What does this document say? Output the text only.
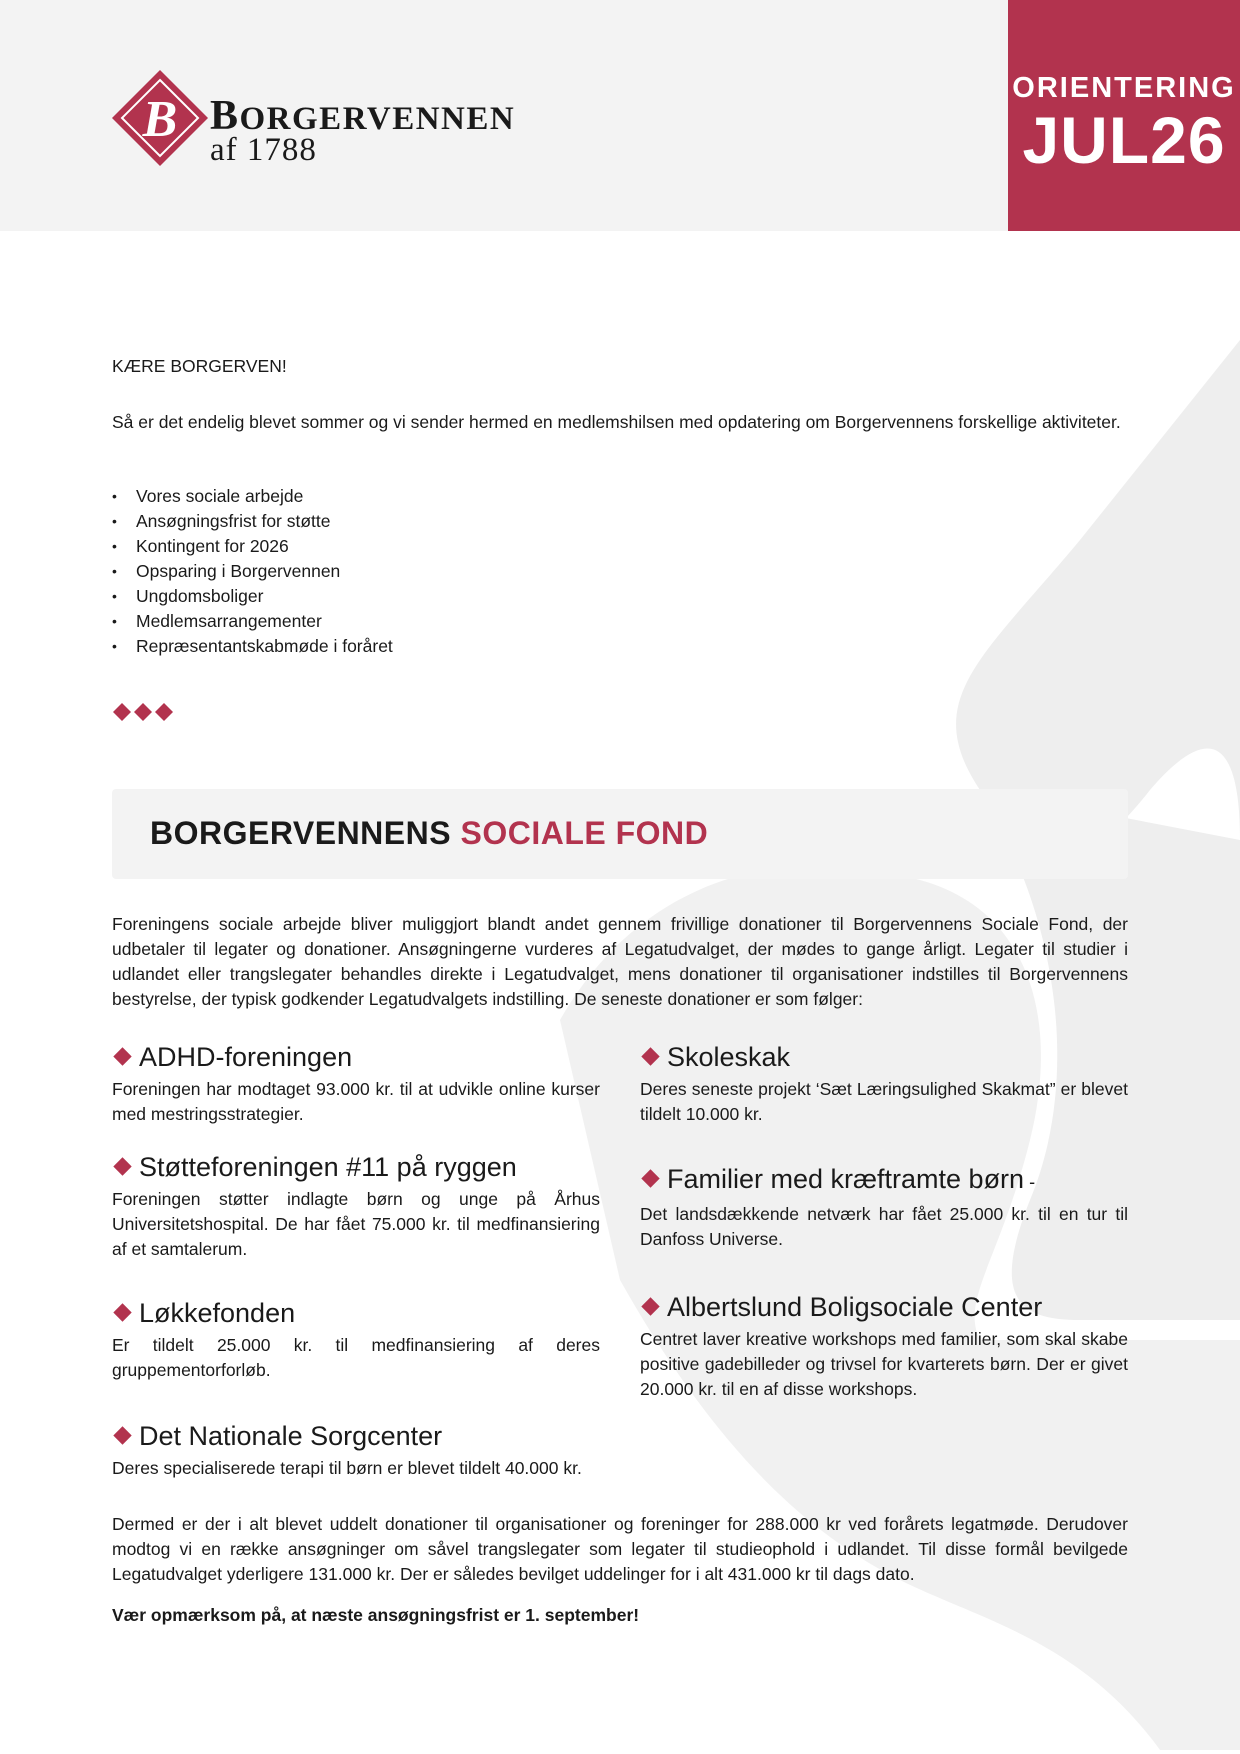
B BORGERVENNEN
af 1788
ORIENTERING
JUL26
KÆRE BORGERVEN!
Så er det endelig blevet sommer og vi sender hermed en medlemshilsen med opdatering om Borgervennens forskellige aktiviteter.
• Vores sociale arbejde
• Ansøgningsfrist for støtte
• Kontingent for 2026
• Opsparing i Borgervennen
• Ungdomsboliger
• Medlemsarrangementer
• Repræsentantskabmøde i foråret
BORGERVENNENS SOCIALE FOND
Foreningens sociale arbejde bliver muliggjort blandt andet gennem frivillige donationer til Borgervennens Sociale Fond, der udbetaler til legater og donationer. Ansøgningerne vurderes af Legatudvalget, der mødes to gange årligt. Legater til studier i udlandet eller trangslegater behandles direkte i Legatudvalget, mens donationer til organisationer indstilles til Borgervennens bestyrelse, der typisk godkender Legatudvalgets indstilling. De seneste donationer er som følger:
ADHD-foreningen
Foreningen har modtaget 93.000 kr. til at udvikle online kurser med mestringsstrategier.
Støtteforeningen #11 på ryggen
Foreningen støtter indlagte børn og unge på Århus Universitetshospital. De har fået 75.000 kr. til medfinansiering af et samtalerum.
Løkkefonden
Er tildelt 25.000 kr. til medfinansiering af deres gruppementorforløb.
Det Nationale Sorgcenter
Deres specialiserede terapi til børn er blevet tildelt 40.000 kr.
Skoleskak
Deres seneste projekt ‘Sæt Læringsulighed Skakmat” er blevet tildelt 10.000 kr.
Familier med kræftramte børn -
Det landsdækkende netværk har fået 25.000 kr. til en tur til Danfoss Universe.
Albertslund Boligsociale Center
Centret laver kreative workshops med familier, som skal skabe positive gadebilleder og trivsel for kvarterets børn. Der er givet 20.000 kr. til en af disse workshops.
Dermed er der i alt blevet uddelt donationer til organisationer og foreninger for 288.000 kr ved forårets legatmøde. Derudover modtog vi en række ansøgninger om såvel trangslegater som legater til studieophold i udlandet. Til disse formål bevilgede Legatudvalget yderligere 131.000 kr. Der er således bevilget uddelinger for i alt 431.000 kr til dags dato.
Vær opmærksom på, at næste ansøgningsfrist er 1. september!
